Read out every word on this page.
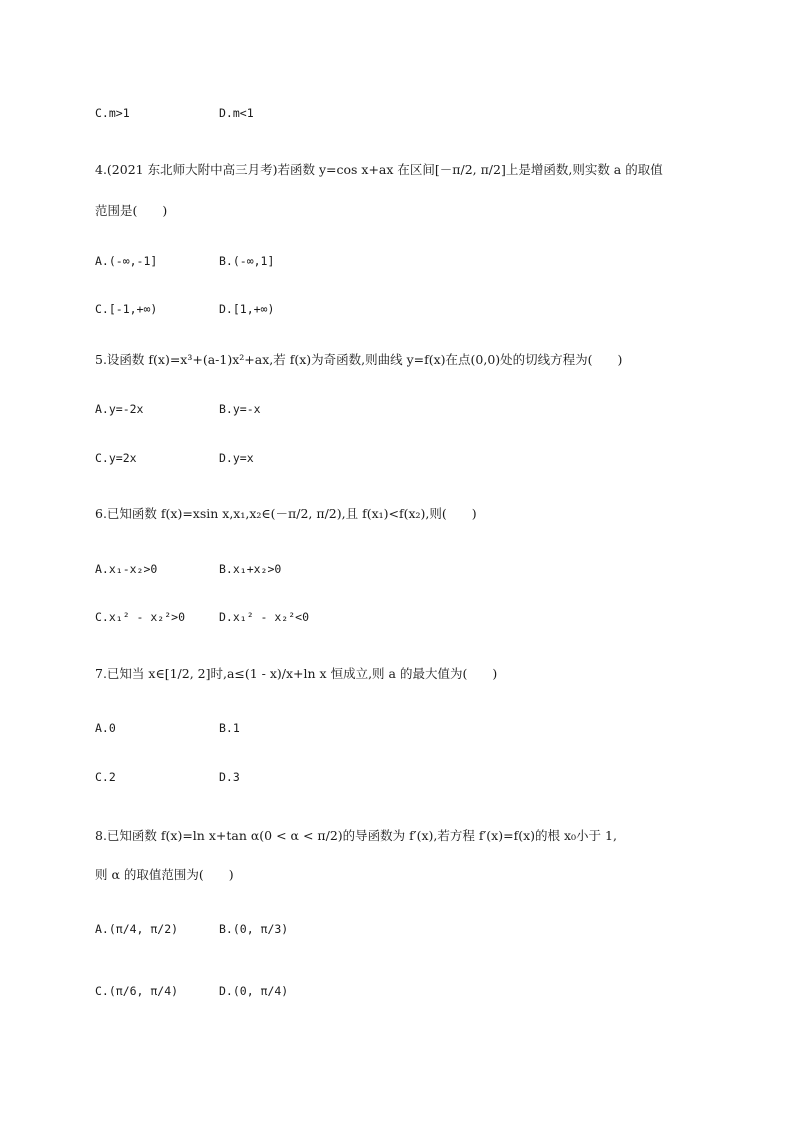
C.m>1	D.m<1
4.(2021 东北师大附中高三月考)若函数 y=cos x+ax 在区间[－π/2, π/2]上是增函数,则实数 a 的取值
范围是(　　)
A.(-∞,-1]	B.(-∞,1]
C.[-1,+∞)	D.[1,+∞)
5.设函数 f(x)=x³+(a-1)x²+ax,若 f(x)为奇函数,则曲线 y=f(x)在点(0,0)处的切线方程为(　　)
A.y=-2x	B.y=-x
C.y=2x	D.y=x
6.已知函数 f(x)=xsin x,x₁,x₂∈(－π/2, π/2),且 f(x₁)<f(x₂),则(　　)
A.x₁-x₂>0	B.x₁+x₂>0
C.x₁² - x₂²>0	D.x₁² - x₂²<0
7.已知当 x∈[1/2, 2]时,a≤(1 - x)/x+ln x 恒成立,则 a 的最大值为(　　)
A.0	B.1
C.2	D.3
8.已知函数 f(x)=ln x+tan α(0 < α < π/2)的导函数为 f′(x),若方程 f′(x)=f(x)的根 x₀小于 1,
则 α 的取值范围为(　　)
A.(π/4, π/2)	B.(0, π/3)
C.(π/6, π/4)	D.(0, π/4)
